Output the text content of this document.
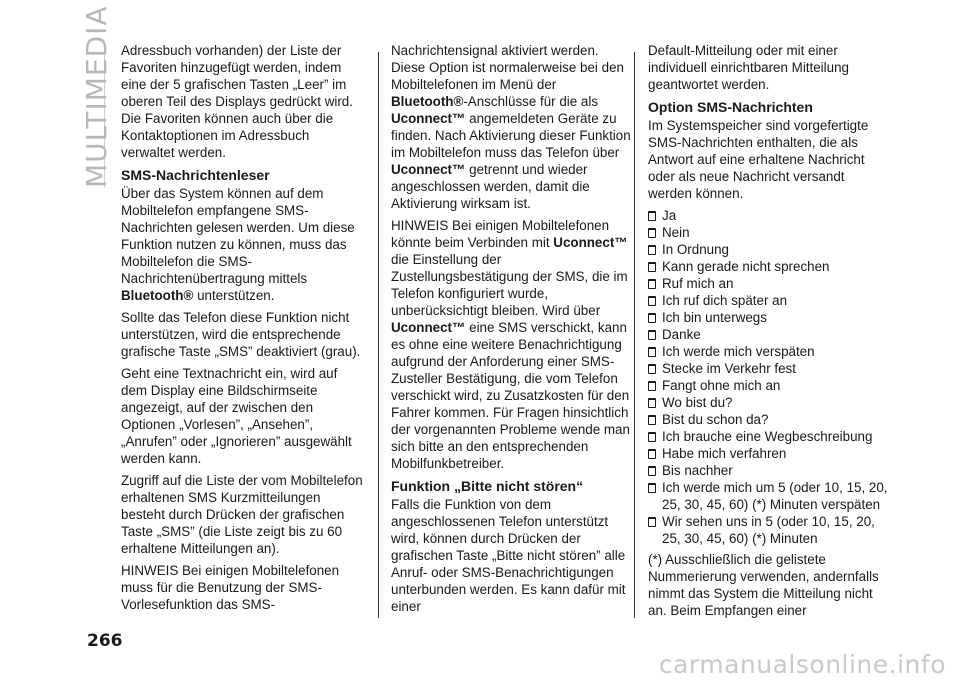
MULTIMEDIA Adressbuch vorhanden) der Liste der Favoriten hinzugefügt werden, indem eine der 5 grafischen Tasten „Leer” im oberen Teil des Displays gedrückt wird. Die Favoriten können auch über die Kontaktoptionen im Adressbuch verwaltet werden.

SMS-Nachrichtenleser

Über das System können auf dem Mobiltelefon empfangene SMS-Nachrichten gelesen werden. Um diese Funktion nutzen zu können, muss das Mobiltelefon die SMS-Nachrichtenübertragung mittels Bluetooth® unterstützen.

Sollte das Telefon diese Funktion nicht unterstützen, wird die entsprechende grafische Taste „SMS” deaktiviert (grau).

Geht eine Textnachricht ein, wird auf dem Display eine Bildschirmseite angezeigt, auf der zwischen den Optionen „Vorlesen”, „Ansehen”, „Anrufen” oder „Ignorieren” ausgewählt werden kann.

Zugriff auf die Liste der vom Mobiltelefon erhaltenen SMS Kurzmitteilungen besteht durch Drücken der grafischen Taste „SMS” (die Liste zeigt bis zu 60 erhaltene Mitteilungen an).

HINWEIS Bei einigen Mobiltelefonen muss für die Benutzung der SMS-Vorlesefunktion das SMS-

Nachrichtensignal aktiviert werden. Diese Option ist normalerweise bei den Mobiltelefonen im Menü der Bluetooth®-Anschlüsse für die als Uconnect™ angemeldeten Geräte zu finden. Nach Aktivierung dieser Funktion im Mobiltelefon muss das Telefon über Uconnect™ getrennt und wieder angeschlossen werden, damit die Aktivierung wirksam ist.

HINWEIS Bei einigen Mobiltelefonen könnte beim Verbinden mit Uconnect™ die Einstellung der Zustellungsbestätigung der SMS, die im Telefon konfiguriert wurde, unberücksichtigt bleiben. Wird über Uconnect™ eine SMS verschickt, kann es ohne eine weitere Benachrichtigung aufgrund der Anforderung einer SMS-Zusteller Bestätigung, die vom Telefon verschickt wird, zu Zusatzkosten für den Fahrer kommen. Für Fragen hinsichtlich der vorgenannten Probleme wende man sich bitte an den entsprechenden Mobilfunkbetreiber.

Funktion „Bitte nicht stören“

Falls die Funktion von dem angeschlossenen Telefon unterstützt wird, können durch Drücken der grafischen Taste „Bitte nicht stören” alle Anruf- oder SMS-Benachrichtigungen unterbunden werden. Es kann dafür mit einer

Default-Mitteilung oder mit einer individuell einrichtbaren Mitteilung geantwortet werden.

Option SMS-Nachrichten

Im Systemspeicher sind vorgefertigte SMS-Nachrichten enthalten, die als Antwort auf eine erhaltene Nachricht oder als neue Nachricht versandt werden können.

Ja
Nein
In Ordnung
Kann gerade nicht sprechen
Ruf mich an
Ich ruf dich später an
Ich bin unterwegs
Danke
Ich werde mich verspäten
Stecke im Verkehr fest
Fangt ohne mich an
Wo bist du?
Bist du schon da?
Ich brauche eine Wegbeschreibung
Habe mich verfahren
Bis nachher
Ich werde mich um 5 (oder 10, 15, 20, 25, 30, 45, 60) (*) Minuten verspäten
Wir sehen uns in 5 (oder 10, 15, 20, 25, 30, 45, 60) (*) Minuten

(*) Ausschließlich die gelistete Nummerierung verwenden, andernfalls nimmt das System die Mitteilung nicht an. Beim Empfangen einer

266
carmanualsonline.info
